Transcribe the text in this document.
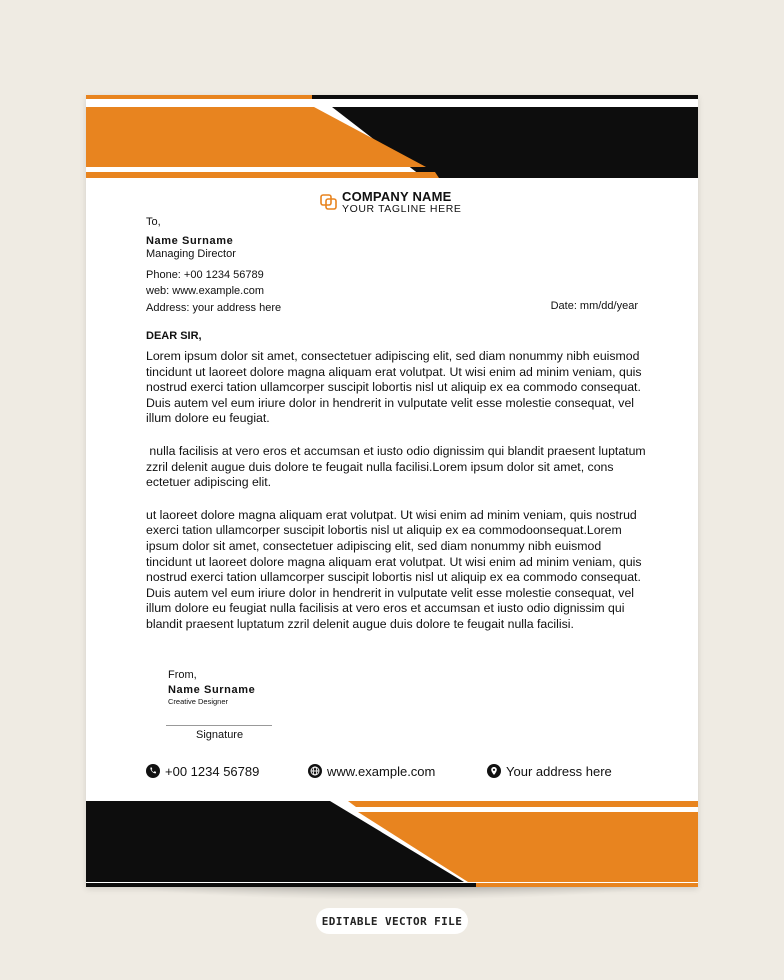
COMPANY NAME
YOUR TAGLINE HERE
To,
Name Surname
Managing Director
Phone: +00 1234 56789
web: www.example.com
Address: your address here	Date: mm/dd/year
DEAR SIR,

Lorem ipsum dolor sit amet, consectetuer adipiscing elit, sed diam nonummy nibh euismod tincidunt ut laoreet dolore magna aliquam erat volutpat. Ut wisi enim ad minim veniam, quis nostrud exerci tation ullamcorper suscipit lobortis nisl ut aliquip ex ea commodo consequat. Duis autem vel eum iriure dolor in hendrerit in vulputate velit esse molestie consequat, vel illum dolore eu feugiat.

nulla facilisis at vero eros et accumsan et iusto odio dignissim qui blandit praesent luptatum zzril delenit augue duis dolore te feugait nulla facilisi.Lorem ipsum dolor sit amet, cons ectetuer adipiscing elit.

ut laoreet dolore magna aliquam erat volutpat. Ut wisi enim ad minim veniam, quis nostrud exerci tation ullamcorper suscipit lobortis nisl ut aliquip ex ea commodoonsequat.Lorem ipsum dolor sit amet, consectetuer adipiscing elit, sed diam nonummy nibh euismod tincidunt ut laoreet dolore magna aliquam erat volutpat. Ut wisi enim ad minim veniam, quis nostrud exerci tation ullamcorper suscipit lobortis nisl ut aliquip ex ea commodo consequat. Duis autem vel eum iriure dolor in hendrerit in vulputate velit esse molestie consequat, vel illum dolore eu feugiat nulla facilisis at vero eros et accumsan et iusto odio dignissim qui blandit praesent luptatum zzril delenit augue duis dolore te feugait nulla facilisi.

From,
Name Surname
Creative Designer
Signature
+00 1234 56789	www.example.com	Your address here
EDITABLE VECTOR FILE
